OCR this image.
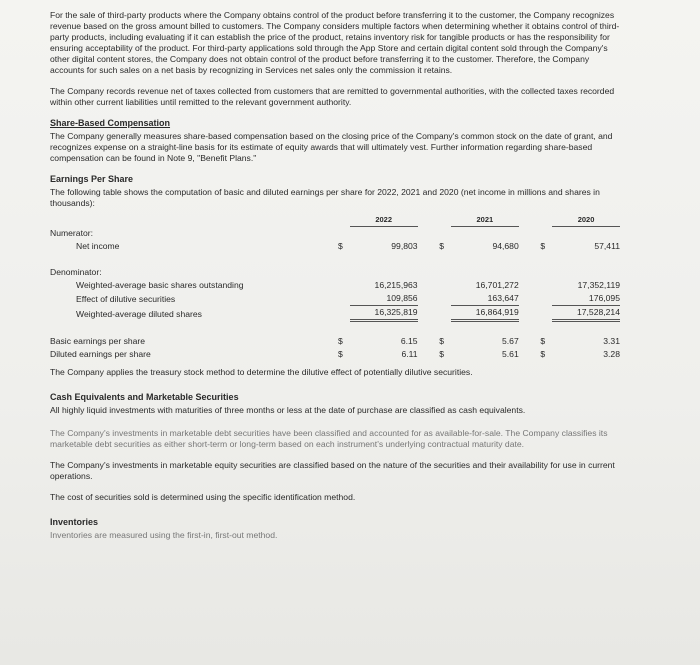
For the sale of third-party products where the Company obtains control of the product before transferring it to the customer, the Company recognizes revenue based on the gross amount billed to customers. The Company considers multiple factors when determining whether it obtains control of third-party products, including evaluating if it can establish the price of the product, retains inventory risk for tangible products or has the responsibility for ensuring acceptability of the product. For third-party applications sold through the App Store and certain digital content sold through the Company's other digital content stores, the Company does not obtain control of the product before transferring it to the customer. Therefore, the Company accounts for such sales on a net basis by recognizing in Services net sales only the commission it retains.

The Company records revenue net of taxes collected from customers that are remitted to governmental authorities, with the collected taxes recorded within other current liabilities until remitted to the relevant government authority.

Share-Based Compensation

The Company generally measures share-based compensation based on the closing price of the Company's common stock on the date of grant, and recognizes expense on a straight-line basis for its estimate of equity awards that will ultimately vest. Further information regarding share-based compensation can be found in Note 9, "Benefit Plans."

Earnings Per Share

The following table shows the computation of basic and diluted earnings per share for 2022, 2021 and 2020 (net income in millions and shares in thousands):

		2022			2021			2020
Numerator:								
Net income	$	99,803		$	94,680		$	57,411

Denominator:								
Weighted-average basic shares outstanding		16,215,963			16,701,272			17,352,119
Effect of dilutive securities		109,856			163,647			176,095
Weighted-average diluted shares		16,325,819			16,864,919			17,528,214

Basic earnings per share	$	6.15		$	5.67		$	3.31
Diluted earnings per share	$	6.11		$	5.61		$	3.28

The Company applies the treasury stock method to determine the dilutive effect of potentially dilutive securities.

Cash Equivalents and Marketable Securities

All highly liquid investments with maturities of three months or less at the date of purchase are classified as cash equivalents.

The Company's investments in marketable debt securities have been classified and accounted for as available-for-sale. The Company classifies its marketable debt securities as either short-term or long-term based on each instrument's underlying contractual maturity date.

The Company's investments in marketable equity securities are classified based on the nature of the securities and their availability for use in current operations.

The cost of securities sold is determined using the specific identification method.

Inventories

Inventories are measured using the first-in, first-out method.
